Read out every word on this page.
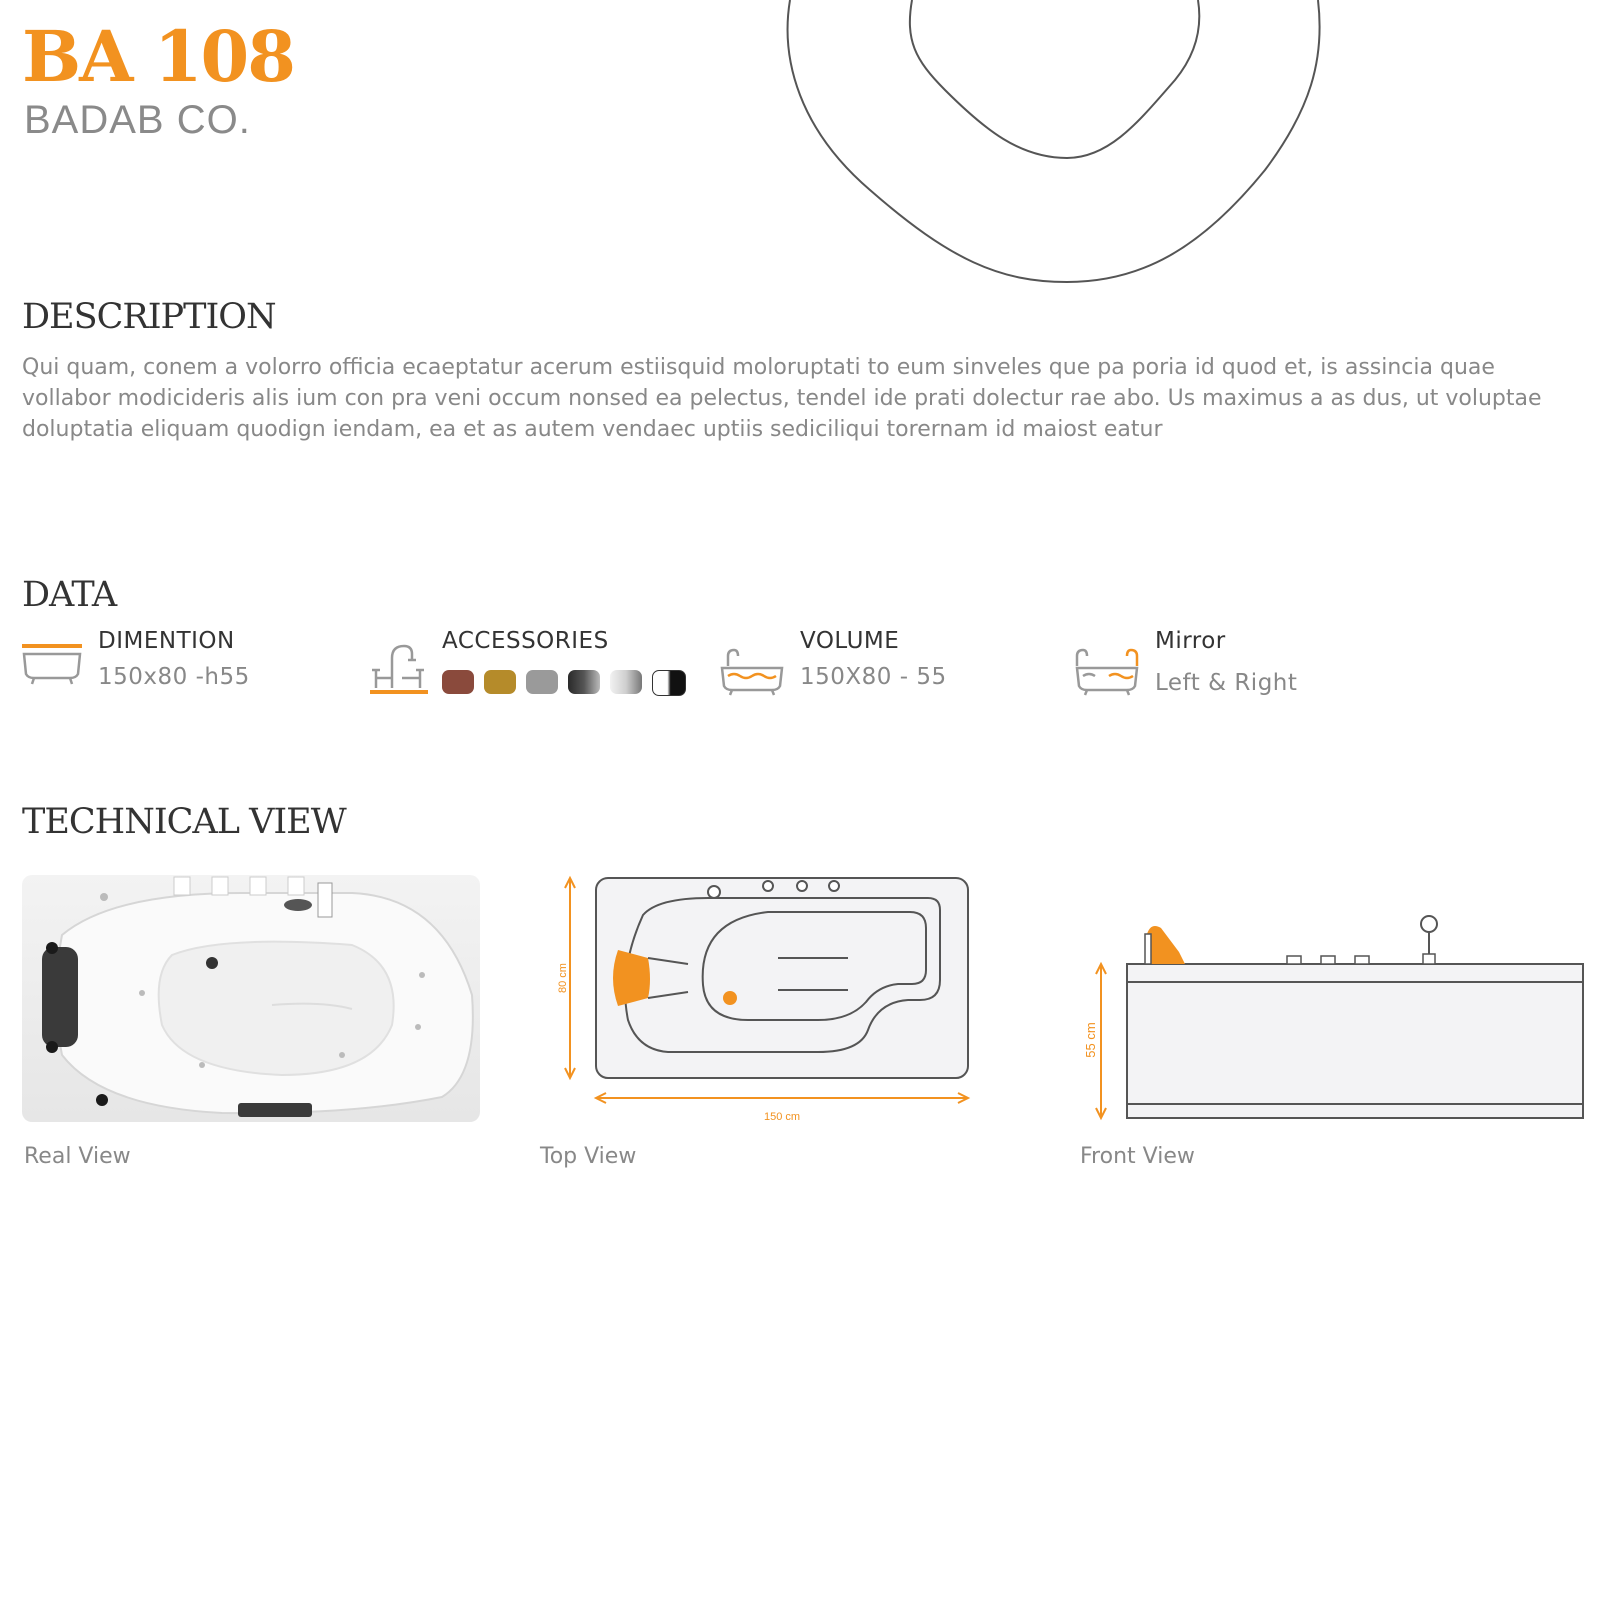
BA 108
BADAB CO.
DESCRIPTION
Qui quam, conem a volorro officia ecaeptatur acerum estiisquid moloruptati to eum sinveles que pa poria id quod et, is assincia quae
vollabor modicideris alis ium con pra veni occum nonsed ea pelectus, tendel ide prati dolectur rae abo. Us maximus a as dus, ut voluptae
doluptatia eliquam quodign iendam, ea et as autem vendaec uptiis sediciliqui torernam id maiost eatur
DATA
DIMENTION
150x80 -h55
ACCESSORIES	VOLUME
150X80 - 55
Mirror
Left & Right
TECHNICAL VIEW
Real View
80 cm
150 cm
Top View
55 cm
Front View
